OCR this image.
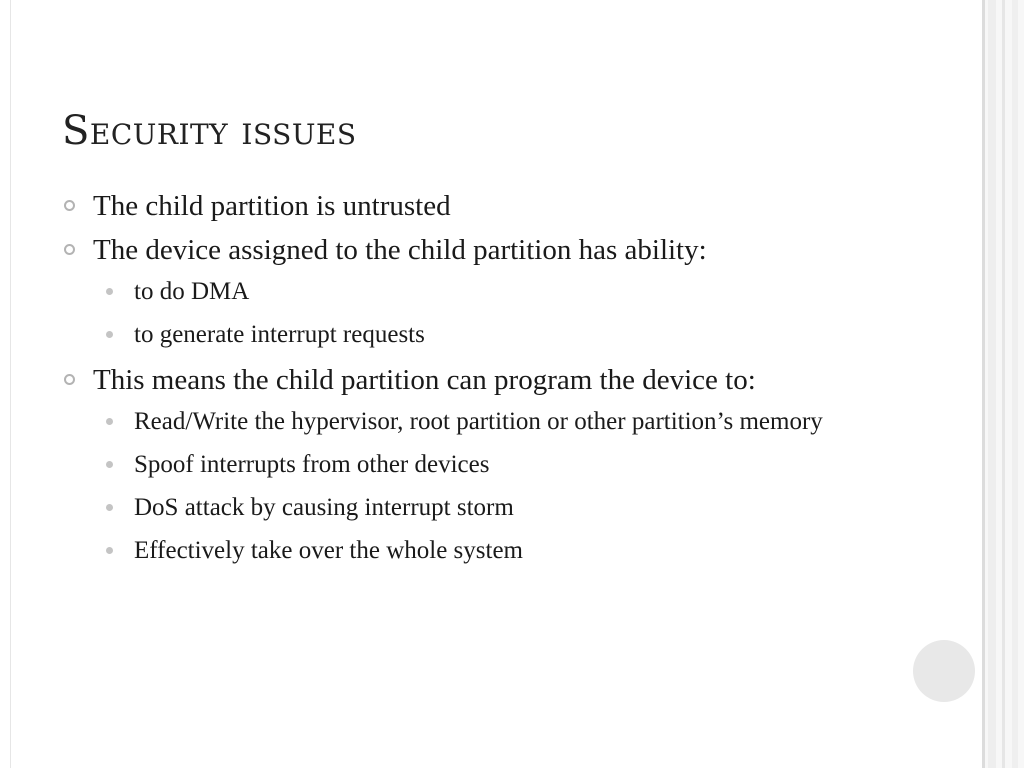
Security issues

The child partition is untrusted

The device assigned to the child partition has ability:

to do DMA

to generate interrupt requests

This means the child partition can program the device to:

Read/Write the hypervisor, root partition or other partition’s memory

Spoof interrupts from other devices

DoS attack by causing interrupt storm

Effectively take over the whole system
